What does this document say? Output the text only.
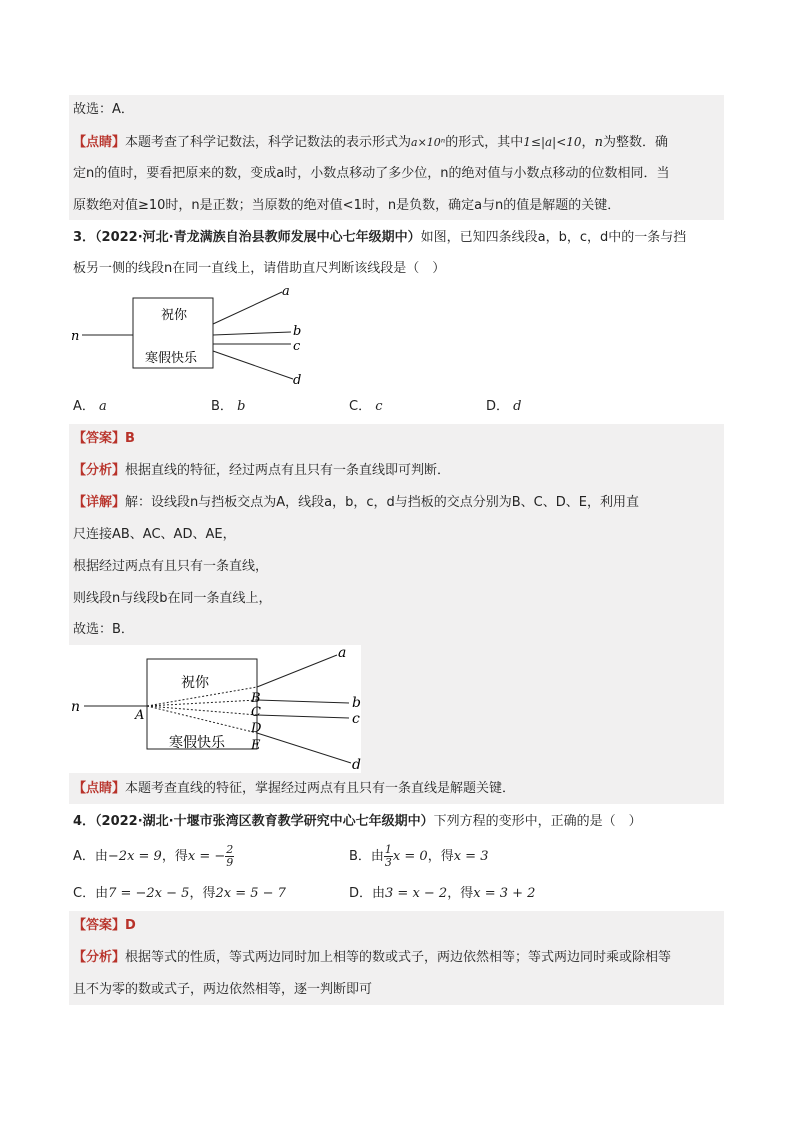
故选：A．
【点睛】本题考查了科学记数法，科学记数法的表示形式为a×10ⁿ的形式，其中1≤|a|<10，n为整数．确
定n的值时，要看把原来的数，变成a时，小数点移动了多少位，n的绝对值与小数点移动的位数相同．当
原数绝对值≥10时，n是正数；当原数的绝对值<1时，n是负数，确定a与n的值是解题的关键．
3．（2022·河北·青龙满族自治县教师发展中心七年级期中）如图，已知四条线段a，b，c，d中的一条与挡
板另一侧的线段n在同一直线上，请借助直尺判断该线段是（　）
祝你
寒假快乐
n
a
b
c
d
A． a	B． b	C． c	D． d
【答案】B
【分析】根据直线的特征，经过两点有且只有一条直线即可判断．
【详解】解：设线段n与挡板交点为A，线段a，b，c，d与挡板的交点分别为B、C、D、E，利用直
尺连接AB、AC、AD、AE，
根据经过两点有且只有一条直线，
则线段n与线段b在同一条直线上，
故选：B．
祝你
寒假快乐
n
A
B
C
D
E
a
b
c
d
【点睛】本题考查直线的特征，掌握经过两点有且只有一条直线是解题关键．
4．（2022·湖北·十堰市张湾区教育教学研究中心七年级期中）下列方程的变形中，正确的是（　）
A．由−2x = 9，得x = − $\frac{2}{9}$	B．由 $\frac{1}{3}$ x = 0，得x = 3
C．由7 = −2x − 5，得2x = 5 − 7	D．由3 = x − 2，得x = 3 + 2
【答案】D
【分析】根据等式的性质，等式两边同时加上相等的数或式子，两边依然相等；等式两边同时乘或除相等
且不为零的数或式子，两边依然相等，逐一判断即可
